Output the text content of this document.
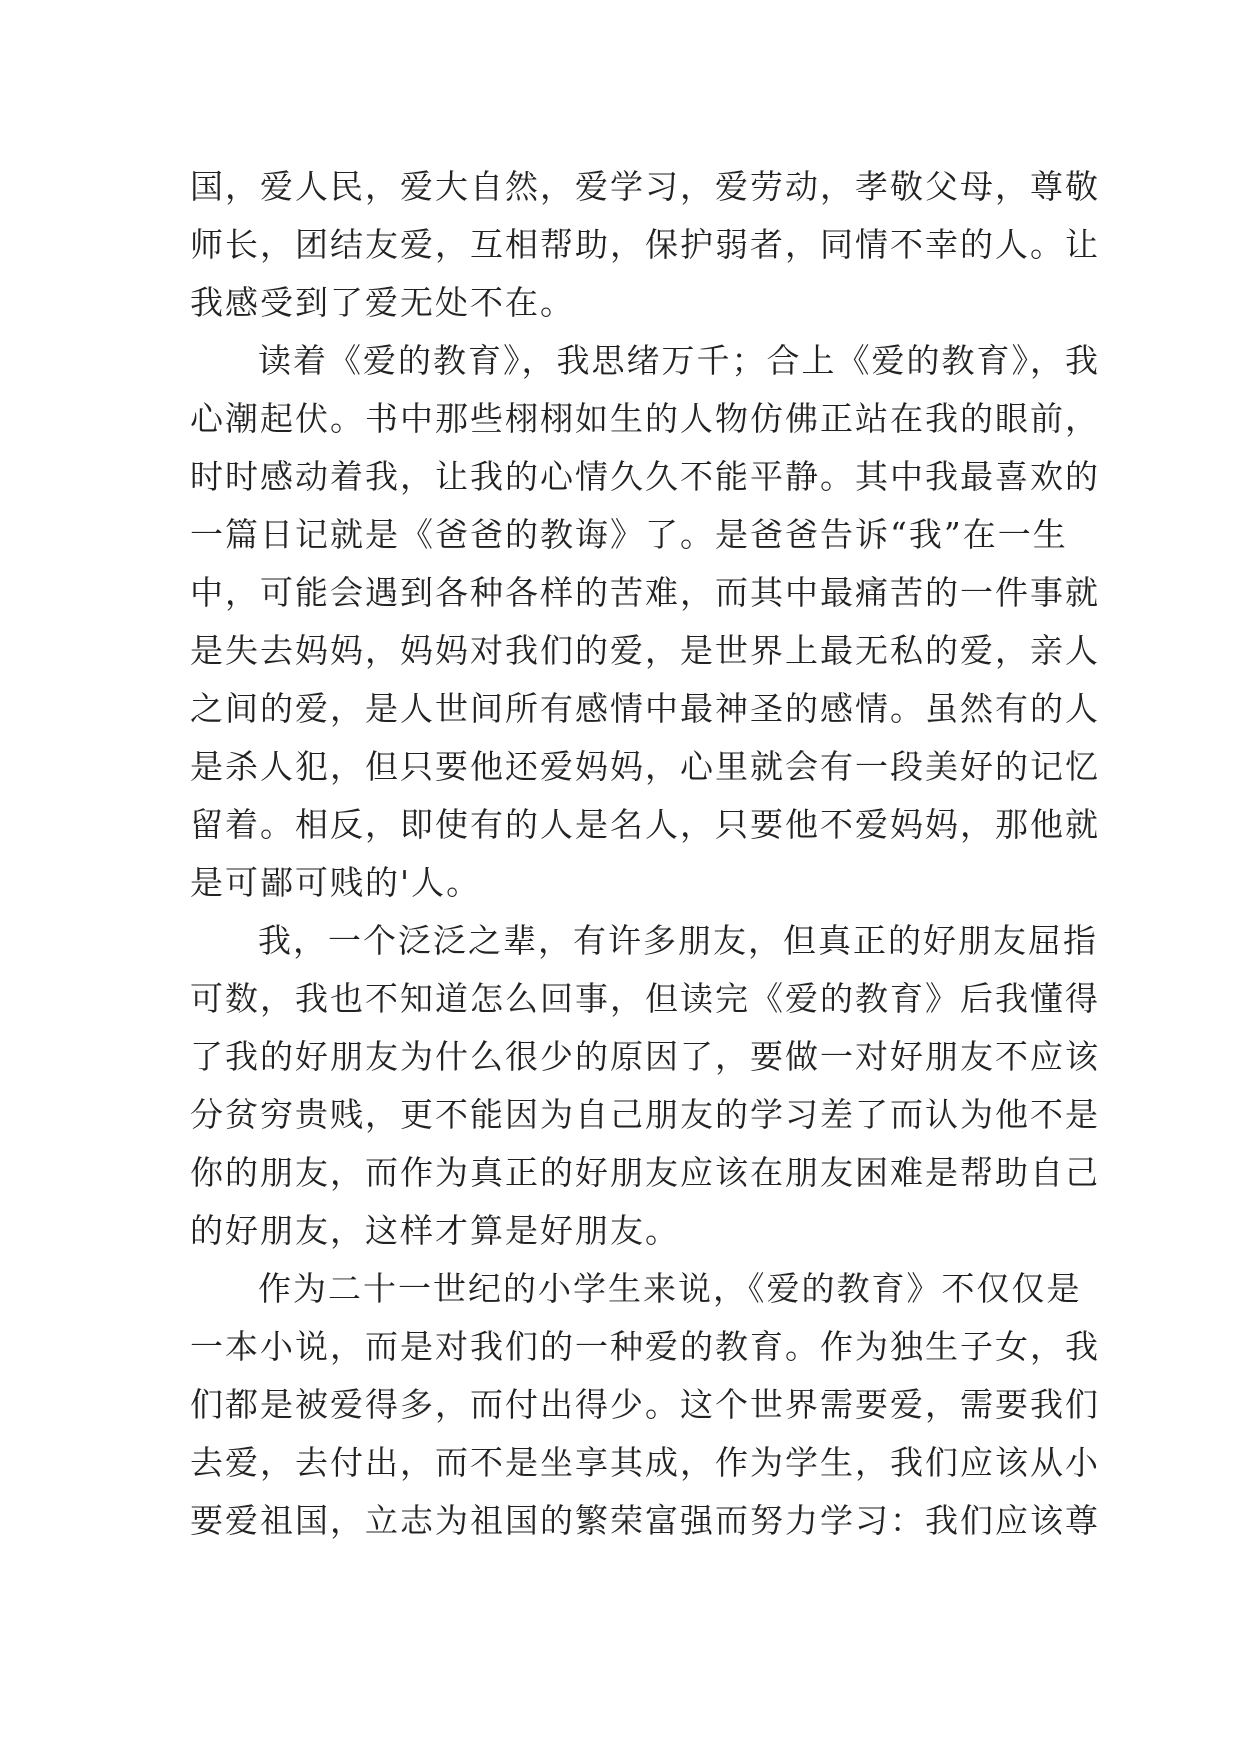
国，爱人民，爱大自然，爱学习，爱劳动，孝敬父母，尊敬
师长，团结友爱，互相帮助，保护弱者，同情不幸的人。让
我感受到了爱无处不在。
读着《爱的教育》，我思绪万千；合上《爱的教育》，我
心潮起伏。书中那些栩栩如生的人物仿佛正站在我的眼前，
时时感动着我，让我的心情久久不能平静。其中我最喜欢的
一篇日记就是《爸爸的教诲》了。是爸爸告诉“我”在一生
中，可能会遇到各种各样的苦难，而其中最痛苦的一件事就
是失去妈妈，妈妈对我们的爱，是世界上最无私的爱，亲人
之间的爱，是人世间所有感情中最神圣的感情。虽然有的人
是杀人犯，但只要他还爱妈妈，心里就会有一段美好的记忆
留着。相反，即使有的人是名人，只要他不爱妈妈，那他就
是可鄙可贱的'人。
我，一个泛泛之辈，有许多朋友，但真正的好朋友屈指
可数，我也不知道怎么回事，但读完《爱的教育》后我懂得
了我的好朋友为什么很少的原因了，要做一对好朋友不应该
分贫穷贵贱，更不能因为自己朋友的学习差了而认为他不是
你的朋友，而作为真正的好朋友应该在朋友困难是帮助自己
的好朋友，这样才算是好朋友。
作为二十一世纪的小学生来说，《爱的教育》不仅仅是
一本小说，而是对我们的一种爱的教育。作为独生子女，我
们都是被爱得多，而付出得少。这个世界需要爱，需要我们
去爱，去付出，而不是坐享其成，作为学生，我们应该从小
要爱祖国，立志为祖国的繁荣富强而努力学习：我们应该尊
